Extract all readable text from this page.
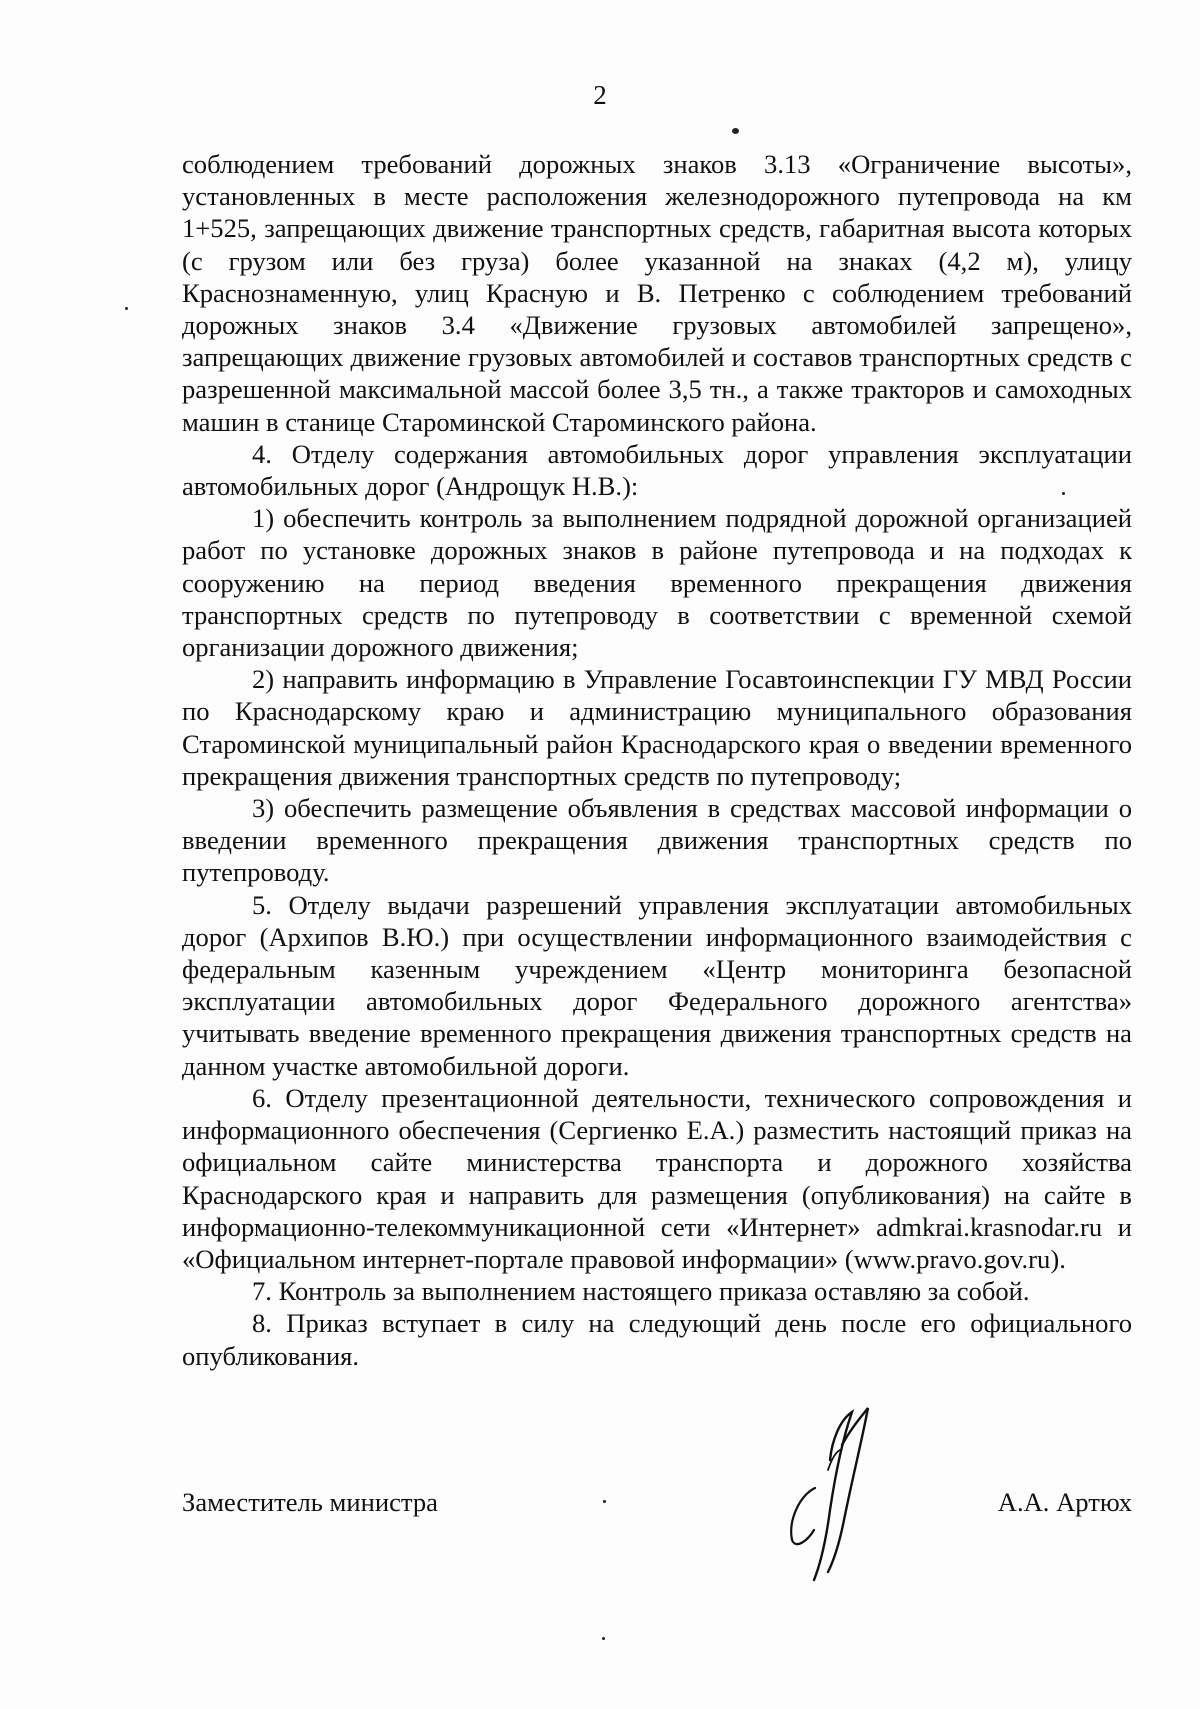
2

соблюдением требований дорожных знаков 3.13 «Ограничение высоты», установленных в месте расположения железнодорожного путепровода на км 1+525, запрещающих движение транспортных средств, габаритная высота которых (с грузом или без груза) более указанной на знаках (4,2 м), улицу Краснознаменную, улиц Красную и В. Петренко с соблюдением требований дорожных знаков 3.4 «Движение грузовых автомобилей запрещено», запрещающих движение грузовых автомобилей и составов транспортных средств с разрешенной максимальной массой более 3,5 тн., а также тракторов и самоходных машин в станице Староминской Староминского района.

4. Отделу содержания автомобильных дорог управления эксплуатации автомобильных дорог (Андрощук Н.В.):

1) обеспечить контроль за выполнением подрядной дорожной организацией работ по установке дорожных знаков в районе путепровода и на подходах к сооружению на период введения временного прекращения движения транспортных средств по путепроводу в соответствии с временной схемой организации дорожного движения;

2) направить информацию в Управление Госавтоинспекции ГУ МВД России по Краснодарскому краю и администрацию муниципального образования Староминской муниципальный район Краснодарского края о введении временного прекращения движения транспортных средств по путепроводу;

3) обеспечить размещение объявления в средствах массовой информации о введении временного прекращения движения транспортных средств по путепроводу.

5. Отделу выдачи разрешений управления эксплуатации автомобильных дорог (Архипов В.Ю.) при осуществлении информационного взаимодействия с федеральным казенным учреждением «Центр мониторинга безопасной эксплуатации автомобильных дорог Федерального дорожного агентства» учитывать введение временного прекращения движения транспортных средств на данном участке автомобильной дороги.

6. Отделу презентационной деятельности, технического сопровождения и информационного обеспечения (Сергиенко Е.А.) разместить настоящий приказ на официальном сайте министерства транспорта и дорожного хозяйства Краснодарского края и направить для размещения (опубликования) на сайте в информационно-телекоммуникационной сети «Интернет» admkrai.krasnodar.ru и «Официальном интернет-портале правовой информации» (www.pravo.gov.ru).

7. Контроль за выполнением настоящего приказа оставляю за собой.

8. Приказ вступает в силу на следующий день после его официального опубликования.

Заместитель министра	А.А. Артюх
